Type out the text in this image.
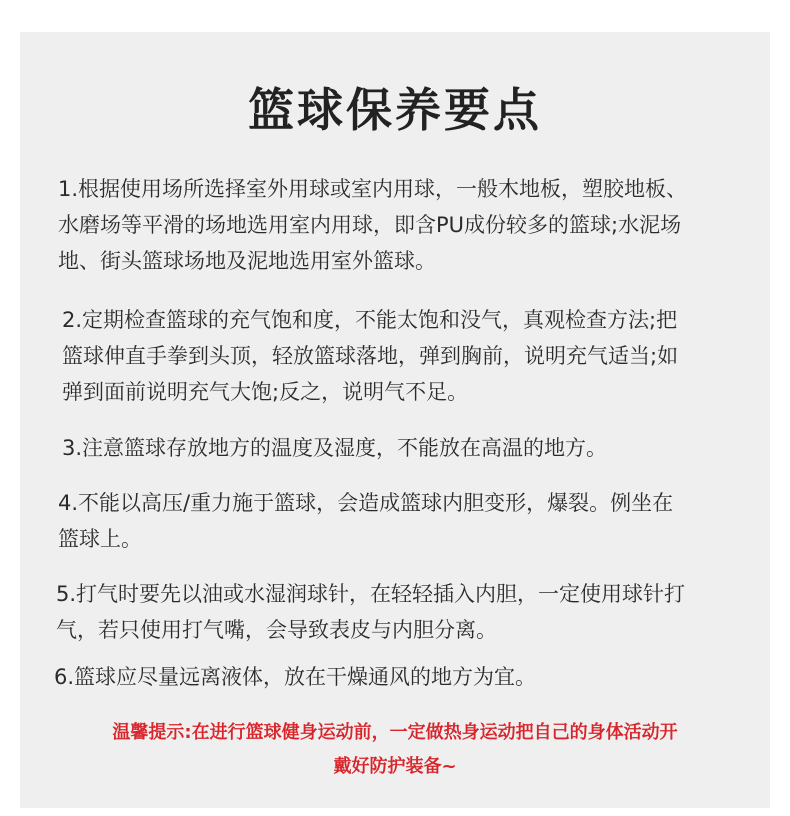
篮球保养要点
1.根据使用场所选择室外用球或室内用球，一般木地板，塑胶地板、
水磨场等平滑的场地选用室内用球，即含PU成份较多的篮球;水泥场
地、街头篮球场地及泥地选用室外篮球。
2.定期检查篮球的充气饱和度，不能太饱和没气，真观检查方法;把
篮球伸直手拳到头顶，轻放篮球落地，弹到胸前，说明充气适当;如
弹到面前说明充气大饱;反之，说明气不足。
3.注意篮球存放地方的温度及湿度，不能放在高温的地方。
4.不能以高压/重力施于篮球，会造成篮球内胆变形，爆裂。例坐在
篮球上。
5.打气时要先以油或水湿润球针，在轻轻插入内胆，一定使用球针打
气，若只使用打气嘴，会导致表皮与内胆分离。
6.篮球应尽量远离液体，放在干燥通风的地方为宜。
温馨提示:在进行篮球健身运动前，一定做热身运动把自己的身体活动开
戴好防护装备~
